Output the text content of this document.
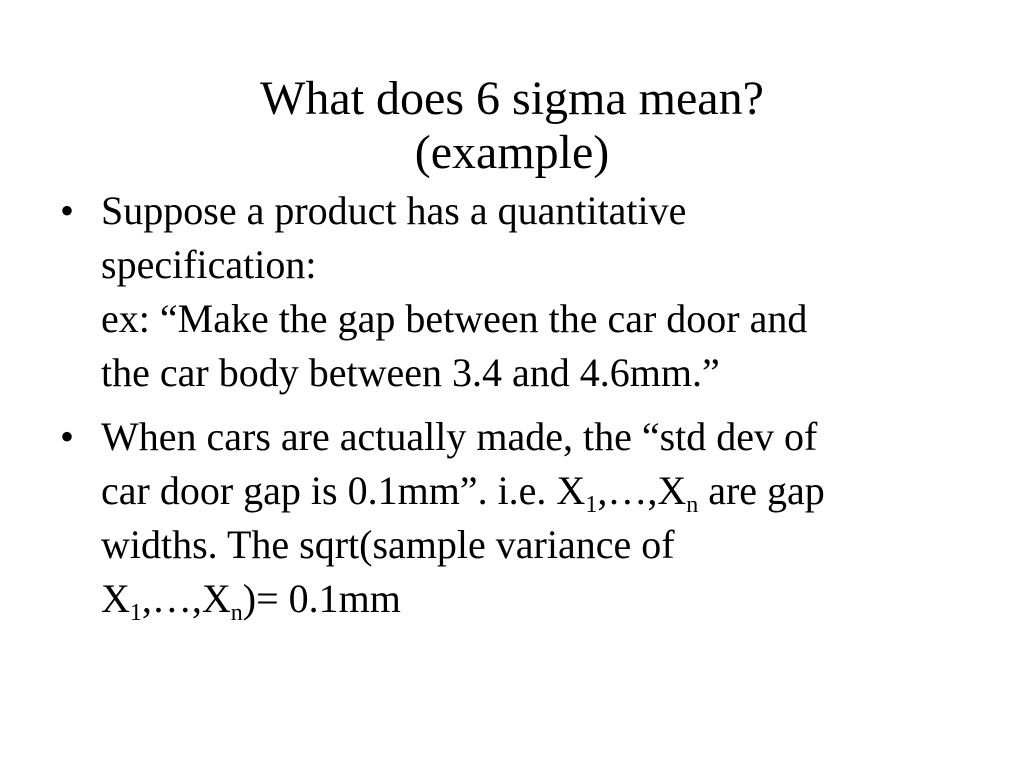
What does 6 sigma mean?
(example)
• Suppose a product has a quantitative
specification:
ex: “Make the gap between the car door and
the car body between 3.4 and 4.6mm.”
• When cars are actually made, the “std dev of
car door gap is 0.1mm”. i.e. $X_1,\dots,X_n$ are gap
widths. The sqrt(sample variance of
$X_1,\dots,X_n)= 0.1mm$
